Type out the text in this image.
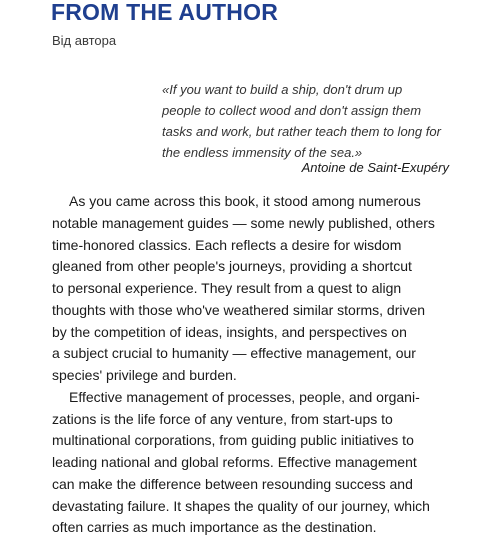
FROM THE AUTHOR
Від автора
«If you want to build a ship, don't drum up
people to collect wood and don't assign them
tasks and work, but rather teach them to long for
the endless immensity of the sea.»
Antoine de Saint-Exupéry
As you came across this book, it stood among numerous
notable management guides — some newly published, others
time-honored classics. Each reflects a desire for wisdom
gleaned from other people's journeys, providing a shortcut
to personal experience. They result from a quest to align
thoughts with those who've weathered similar storms, driven
by the competition of ideas, insights, and perspectives on
a subject crucial to humanity — effective management, our
species' privilege and burden.
Effective management of processes, people, and organi-
zations is the life force of any venture, from start-ups to
multinational corporations, from guiding public initiatives to
leading national and global reforms. Effective management
can make the difference between resounding success and
devastating failure. It shapes the quality of our journey, which
often carries as much importance as the destination.
